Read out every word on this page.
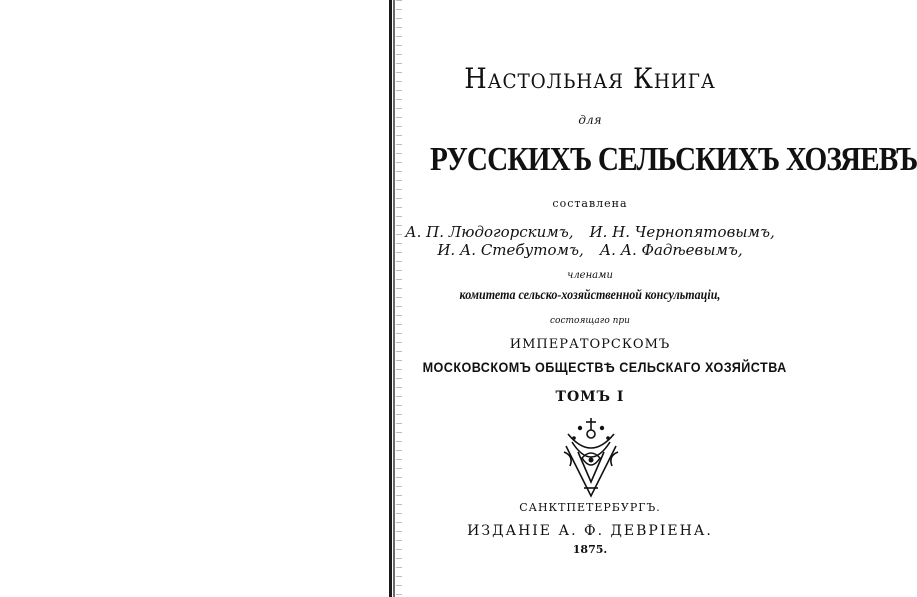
Настольная Книга
для
РУССКИХЪ СЕЛЬСКИХЪ ХОЗЯЕВЪ
составлена
А. П. Людогорскимъ, И. Н. Чернопятовымъ,
И. А. Стебутомъ, А. А. Фадѣевымъ,
членами
комитета сельско-хозяйственной консультаціи,
состоящаго при
ИМПЕРАТОРСКОМЪ
МОСКОВСКОМЪ ОБЩЕСТВѢ СЕЛЬСКАГО ХОЗЯЙСТВА
ТОМЪ I
САНКТПЕТЕРБУРГЪ.
ИЗДАНІЕ А. Ф. ДЕВРІЕНА.
1875.
